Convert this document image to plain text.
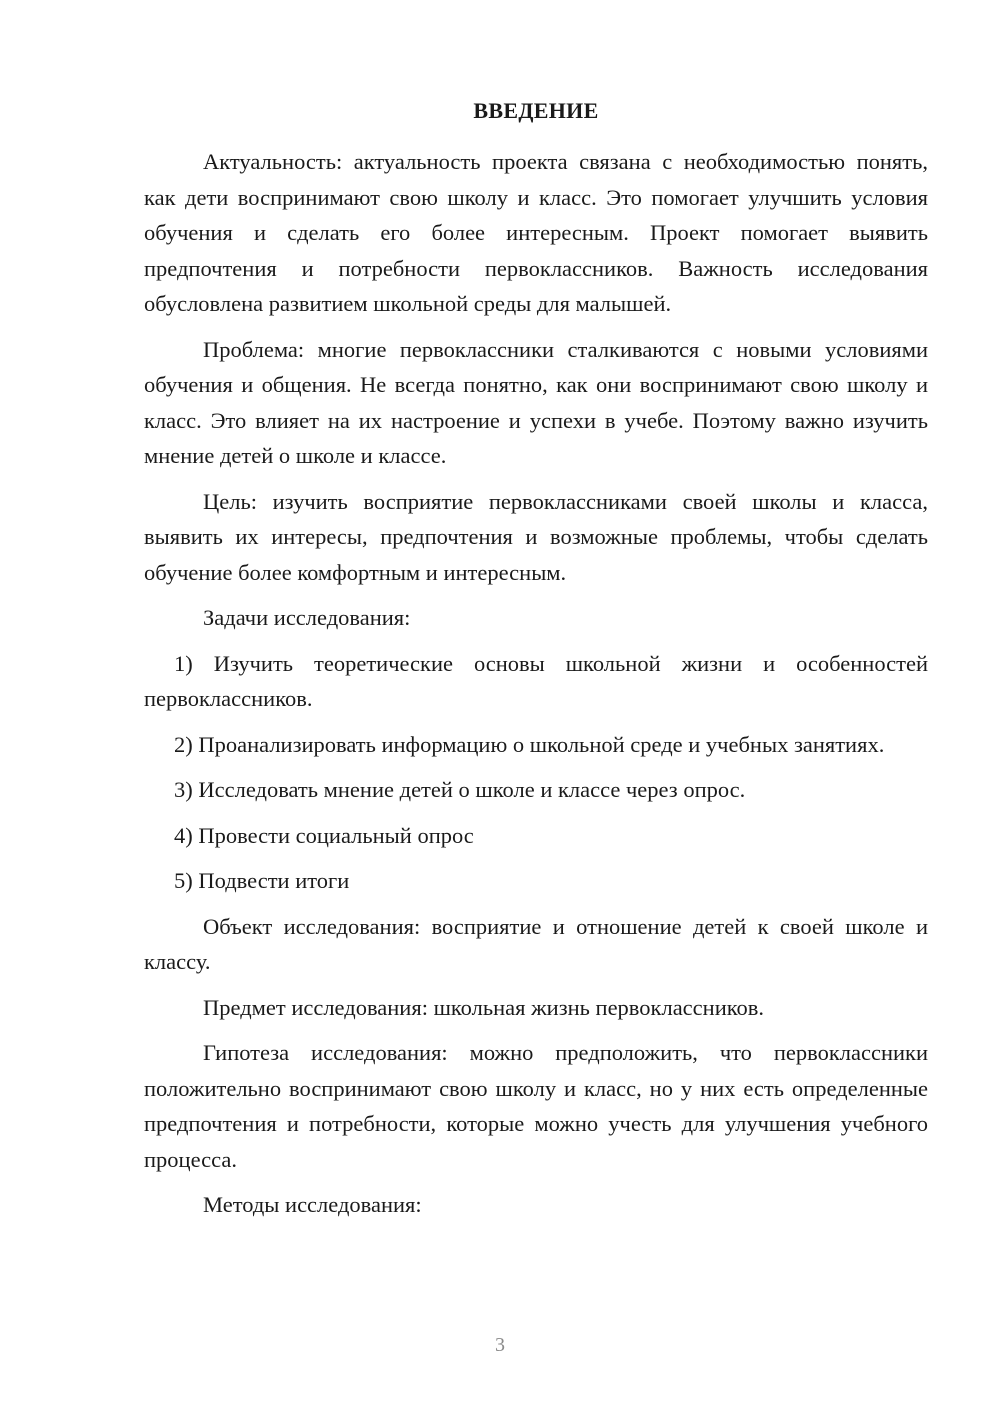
ВВЕДЕНИЕ

Актуальность: актуальность проекта связана с необходимостью понять, как дети воспринимают свою школу и класс. Это помогает улучшить условия обучения и сделать его более интересным. Проект помогает выявить предпочтения и потребности первоклассников. Важность исследования обусловлена развитием школьной среды для малышей.

Проблема: многие первоклассники сталкиваются с новыми условиями обучения и общения. Не всегда понятно, как они воспринимают свою школу и класс. Это влияет на их настроение и успехи в учебе. Поэтому важно изучить мнение детей о школе и классе.

Цель: изучить восприятие первоклассниками своей школы и класса, выявить их интересы, предпочтения и возможные проблемы, чтобы сделать обучение более комфортным и интересным.

Задачи исследования:

1) Изучить теоретические основы школьной жизни и особенностей первоклассников.

2) Проанализировать информацию о школьной среде и учебных занятиях.

3) Исследовать мнение детей о школе и классе через опрос.

4) Провести социальный опрос

5) Подвести итоги

Объект исследования: восприятие и отношение детей к своей школе и классу.

Предмет исследования: школьная жизнь первоклассников.

Гипотеза исследования: можно предположить, что первоклассники положительно воспринимают свою школу и класс, но у них есть определенные предпочтения и потребности, которые можно учесть для улучшения учебного процесса.

Методы исследования:

3
